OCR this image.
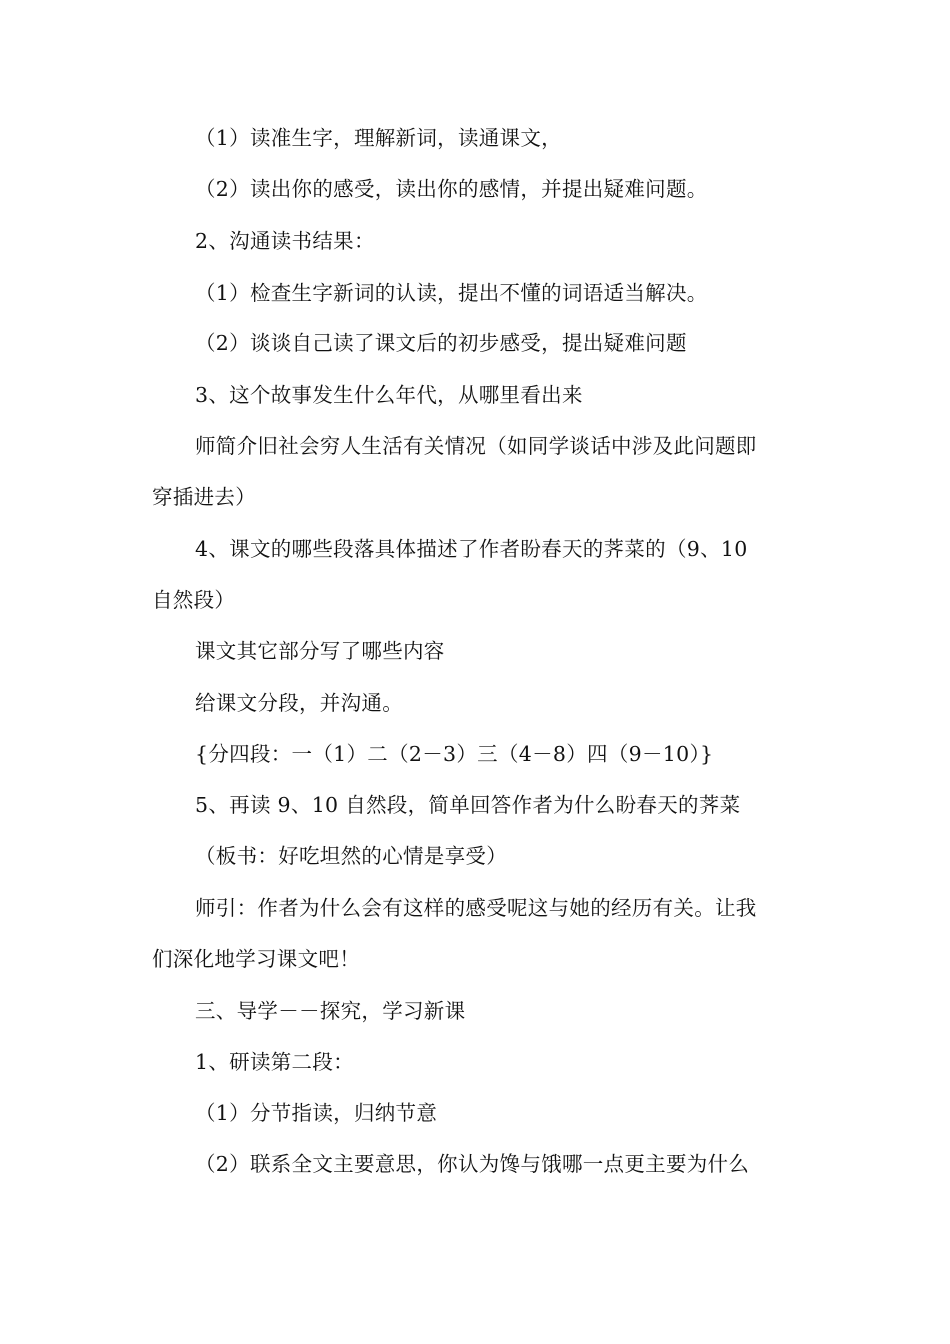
（1）读准生字，理解新词，读通课文，
（2）读出你的感受，读出你的感情，并提出疑难问题。
2、沟通读书结果：
（1）检查生字新词的认读，提出不懂的词语适当解决。
（2）谈谈自己读了课文后的初步感受，提出疑难问题
3、这个故事发生什么年代，从哪里看出来
师简介旧社会穷人生活有关情况（如同学谈话中涉及此问题即
穿插进去）
4、课文的哪些段落具体描述了作者盼春天的荠菜的（9、10
自然段）
课文其它部分写了哪些内容
给课文分段，并沟通。
{分四段：一（1）二（2－3）三（4－8）四（9－10）}
5、再读 9、10 自然段，简单回答作者为什么盼春天的荠菜
（板书：好吃坦然的心情是享受）
师引：作者为什么会有这样的感受呢这与她的经历有关。让我
们深化地学习课文吧！
三、导学－－探究，学习新课
1、研读第二段：
（1）分节指读，归纳节意
（2）联系全文主要意思，你认为馋与饿哪一点更主要为什么
